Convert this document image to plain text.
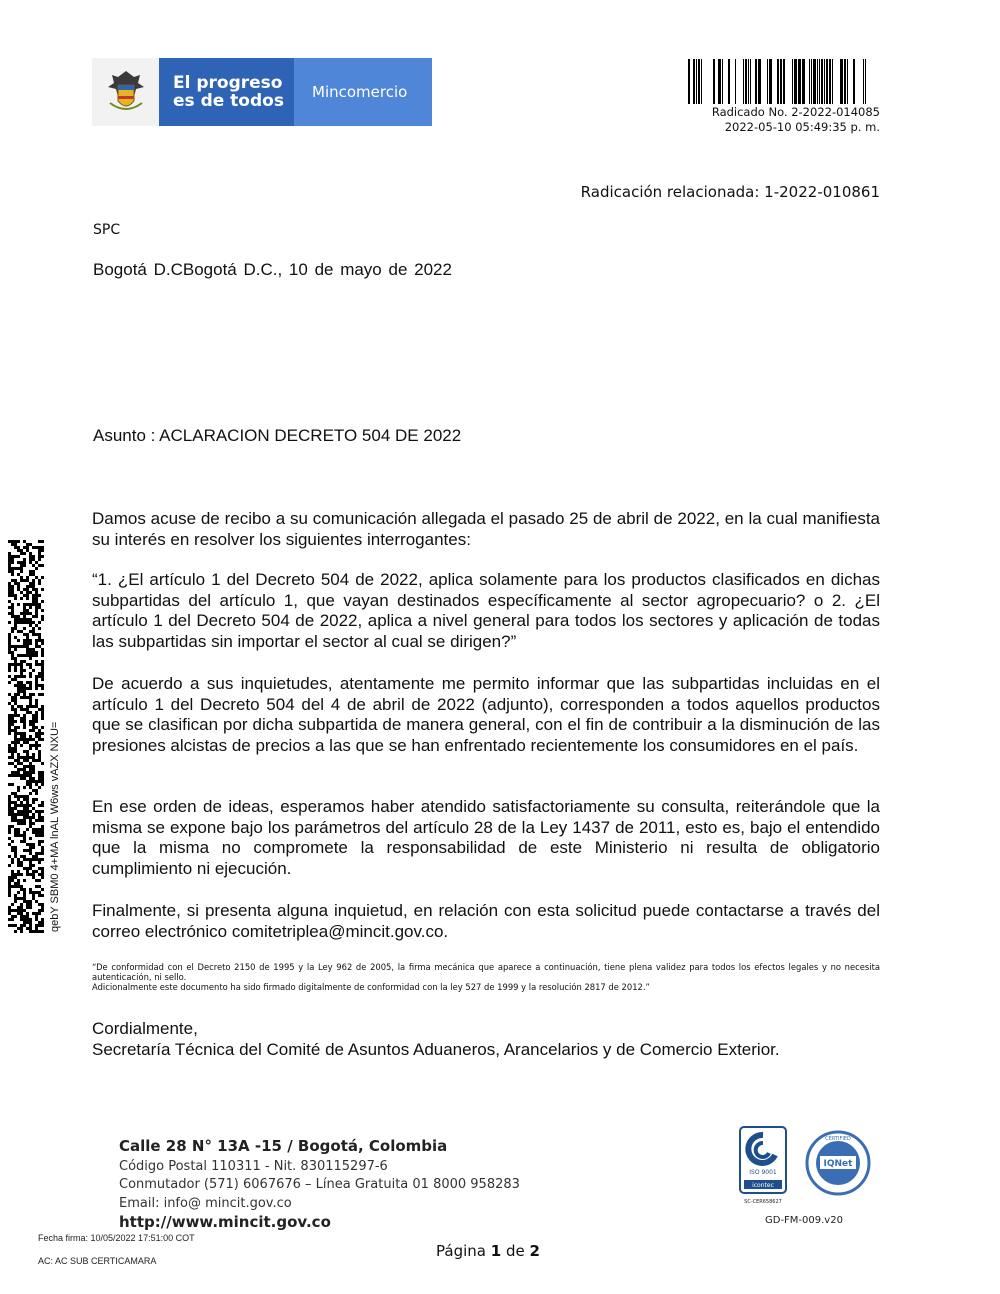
El progreso
es de todos	Mincomercio
Radicado No. 2-2022-014085
2022-05-10 05:49:35 p. m.
Radicación relacionada: 1-2022-010861
SPC
Bogotá D.CBogotá D.C., 10 de mayo de 2022
Asunto : ACLARACION DECRETO 504 DE 2022
Damos acuse de recibo a su comunicación allegada el pasado 25 de abril de 2022, en la cual manifiesta su interés en resolver los siguientes interrogantes:
“1. ¿El artículo 1 del Decreto 504 de 2022, aplica solamente para los productos clasificados en dichas subpartidas del artículo 1, que vayan destinados específicamente al sector agropecuario? o 2. ¿El artículo 1 del Decreto 504 de 2022, aplica a nivel general para todos los sectores y aplicación de todas las subpartidas sin importar el sector al cual se dirigen?”
De acuerdo a sus inquietudes, atentamente me permito informar que las subpartidas incluidas en el artículo 1 del Decreto 504 del 4 de abril de 2022 (adjunto), corresponden a todos aquellos productos que se clasifican por dicha subpartida de manera general, con el fin de contribuir a la disminución de las presiones alcistas de precios a las que se han enfrentado recientemente los consumidores en el país.
En ese orden de ideas, esperamos haber atendido satisfactoriamente su consulta, reiterándole que la misma se expone bajo los parámetros del artículo 28 de la Ley 1437 de 2011, esto es, bajo el entendido que la misma no compromete la responsabilidad de este Ministerio ni resulta de obligatorio cumplimiento ni ejecución.
Finalmente, si presenta alguna inquietud, en relación con esta solicitud puede contactarse a través del correo electrónico comitetriplea@mincit.gov.co.
“De conformidad con el Decreto 2150 de 1995 y la Ley 962 de 2005, la firma mecánica que aparece a continuación, tiene plena validez para todos los efectos legales y no necesita autenticación, ni sello.
Adicionalmente este documento ha sido firmado digitalmente de conformidad con la ley 527 de 1999 y la resolución 2817 de 2012.”
Cordialmente,
Secretaría Técnica del Comité de Asuntos Aduaneros, Arancelarios y de Comercio Exterior.
qebY SBM0 4+MA lnAL W6ws vAZX NXU=
Calle 28 N° 13A -15 / Bogotá, Colombia
Código Postal 110311 - Nit. 830115297-6
Conmutador (571) 6067676 – Línea Gratuita 01 8000 958283
Email: info@ mincit.gov.co
http://www.mincit.gov.co
ISO 9001
icontec
SC-CER658627
IQNet
CERTIFIED
GD-FM-009.v20
Fecha firma: 10/05/2022 17:51:00 COT
AC: AC SUB CERTICAMARA
Página 1 de 2
